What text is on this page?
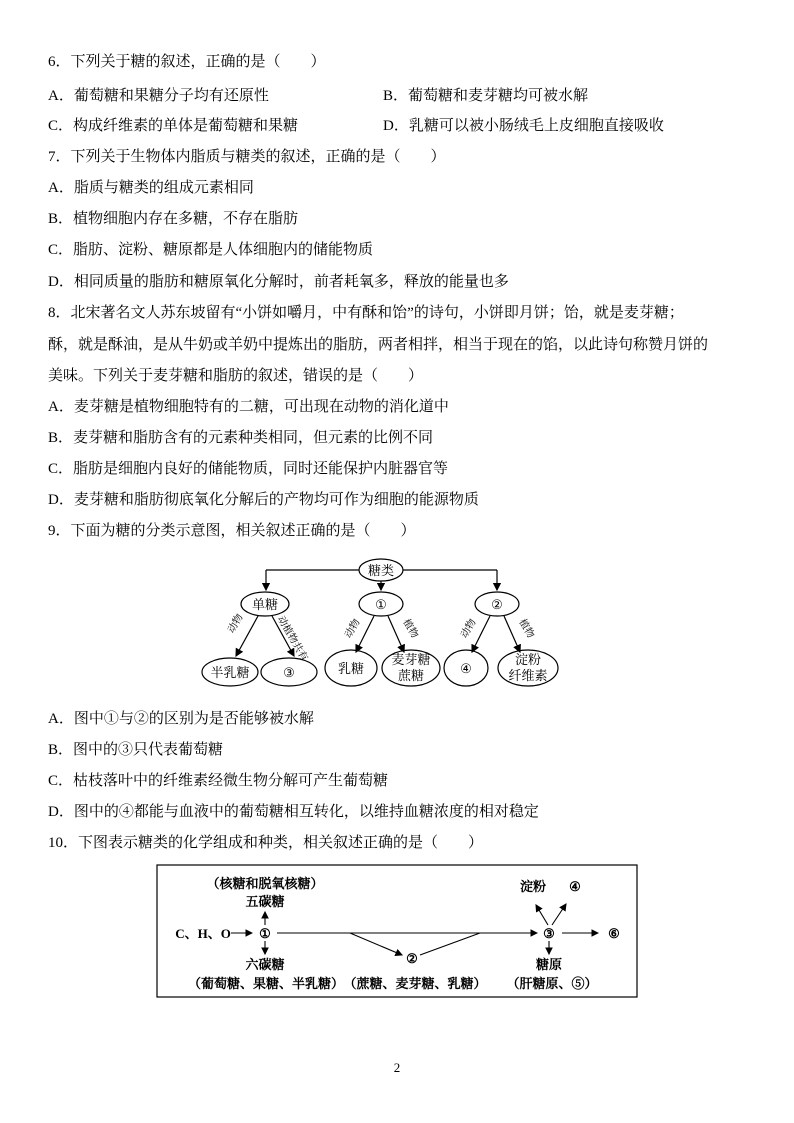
6．下列关于糖的叙述，正确的是（　　）
A．葡萄糖和果糖分子均有还原性	B．葡萄糖和麦芽糖均可被水解
C．构成纤维素的单体是葡萄糖和果糖	D．乳糖可以被小肠绒毛上皮细胞直接吸收
7．下列关于生物体内脂质与糖类的叙述，正确的是（　　）
A．脂质与糖类的组成元素相同
B．植物细胞内存在多糖，不存在脂肪
C．脂肪、淀粉、糖原都是人体细胞内的储能物质
D．相同质量的脂肪和糖原氧化分解时，前者耗氧多，释放的能量也多
8．北宋著名文人苏东坡留有“小饼如嚼月，中有酥和饴”的诗句，小饼即月饼；饴，就是麦芽糖；
酥，就是酥油，是从牛奶或羊奶中提炼出的脂肪，两者相拌，相当于现在的馅，以此诗句称赞月饼的
美味。下列关于麦芽糖和脂肪的叙述，错误的是（　　）
A．麦芽糖是植物细胞特有的二糖，可出现在动物的消化道中
B．麦芽糖和脂肪含有的元素种类相同，但元素的比例不同
C．脂肪是细胞内良好的储能物质，同时还能保护内脏器官等
D．麦芽糖和脂肪彻底氧化分解后的产物均可作为细胞的能源物质
9．下面为糖的分类示意图，相关叙述正确的是（　　）
糖类
单糖	①	②
半乳糖	③	乳糖
麦芽糖
蔗糖	④
淀粉
纤维素
动物	动植物共有	动物	植物	动物	植物
（核糖和脱氧核糖）
五碳糖
C、H、O ①
六碳糖
（葡萄糖、果糖、半乳糖）
②
（蔗糖、麦芽糖、乳糖）
③
淀粉 ④
⑥
糖原
（肝糖原、⑤）
A．图中①与②的区别为是否能够被水解
B．图中的③只代表葡萄糖
C．枯枝落叶中的纤维素经微生物分解可产生葡萄糖
D．图中的④都能与血液中的葡萄糖相互转化，以维持血糖浓度的相对稳定
10．下图表示糖类的化学组成和种类，相关叙述正确的是（　　）
2
